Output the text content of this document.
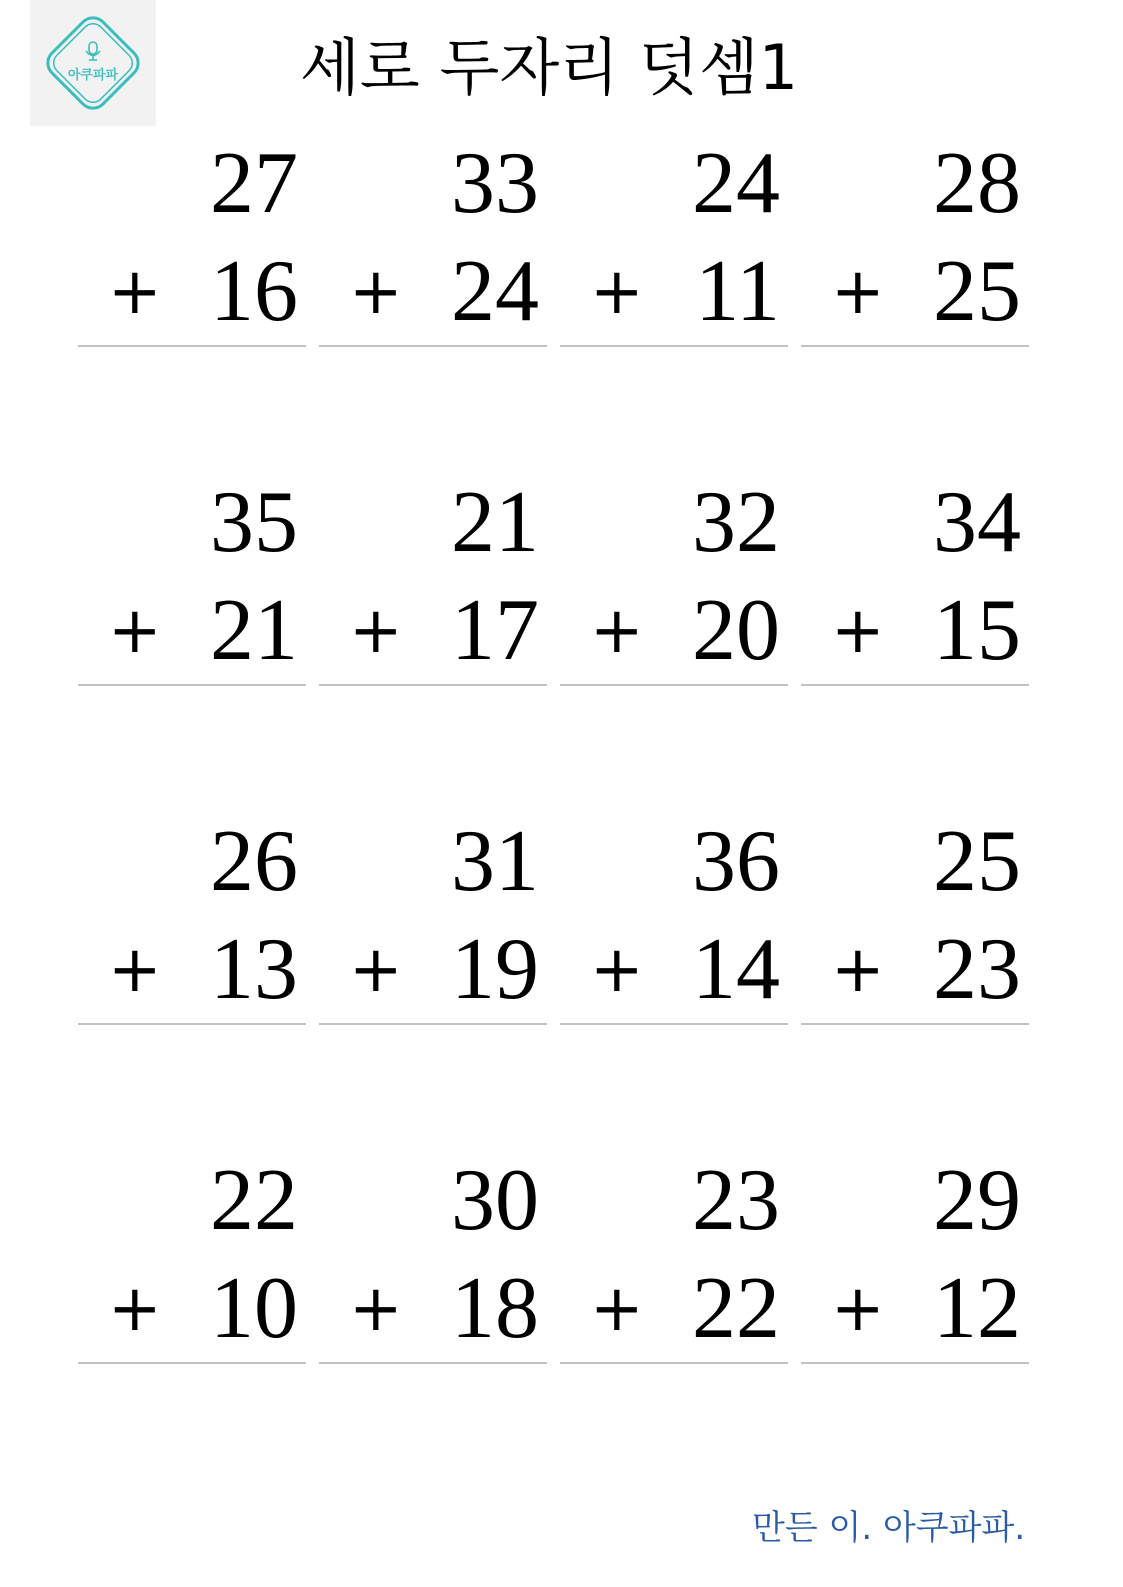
아쿠파파	세로 두자리 덧셈1
27
+ 16
33
+ 24
24
+ 11
28
+ 25
35
+ 21
21
+ 17
32
+ 20
34
+ 15
26
+ 13
31
+ 19
36
+ 14
25
+ 23
22
+ 10
30
+ 18
23
+ 22
29
+ 12
만든 이. 아쿠파파.
